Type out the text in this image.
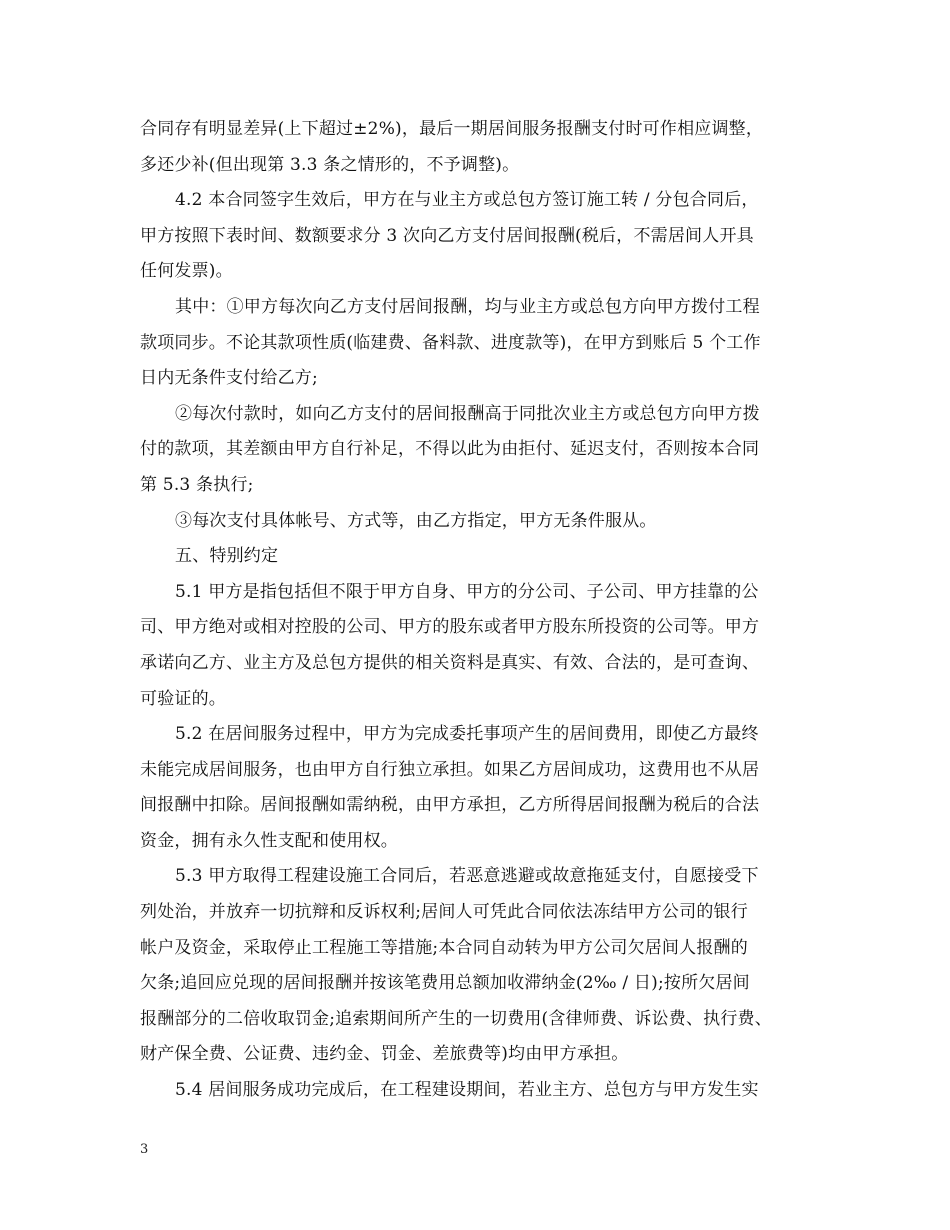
合同存有明显差异(上下超过±2%)，最后一期居间服务报酬支付时可作相应调整，
多还少补(但出现第 3.3 条之情形的，不予调整)。
4.2 本合同签字生效后，甲方在与业主方或总包方签订施工转 / 分包合同后，
甲方按照下表时间、数额要求分 3 次向乙方支付居间报酬(税后，不需居间人开具
任何发票)。
其中：①甲方每次向乙方支付居间报酬，均与业主方或总包方向甲方拨付工程
款项同步。不论其款项性质(临建费、备料款、进度款等)，在甲方到账后 5 个工作
日内无条件支付给乙方;
②每次付款时，如向乙方支付的居间报酬高于同批次业主方或总包方向甲方拨
付的款项，其差额由甲方自行补足，不得以此为由拒付、延迟支付，否则按本合同
第 5.3 条执行;
③每次支付具体帐号、方式等，由乙方指定，甲方无条件服从。
五、特别约定
5.1 甲方是指包括但不限于甲方自身、甲方的分公司、子公司、甲方挂靠的公
司、甲方绝对或相对控股的公司、甲方的股东或者甲方股东所投资的公司等。甲方
承诺向乙方、业主方及总包方提供的相关资料是真实、有效、合法的，是可查询、
可验证的。
5.2 在居间服务过程中，甲方为完成委托事项产生的居间费用，即使乙方最终
未能完成居间服务，也由甲方自行独立承担。如果乙方居间成功，这费用也不从居
间报酬中扣除。居间报酬如需纳税，由甲方承担，乙方所得居间报酬为税后的合法
资金，拥有永久性支配和使用权。
5.3 甲方取得工程建设施工合同后，若恶意逃避或故意拖延支付，自愿接受下
列处治，并放弃一切抗辩和反诉权利;居间人可凭此合同依法冻结甲方公司的银行
帐户及资金，采取停止工程施工等措施;本合同自动转为甲方公司欠居间人报酬的
欠条;追回应兑现的居间报酬并按该笔费用总额加收滞纳金(2‰ / 日);按所欠居间
报酬部分的二倍收取罚金;追索期间所产生的一切费用(含律师费、诉讼费、执行费、
财产保全费、公证费、违约金、罚金、差旅费等)均由甲方承担。
5.4 居间服务成功完成后，在工程建设期间，若业主方、总包方与甲方发生实
3
